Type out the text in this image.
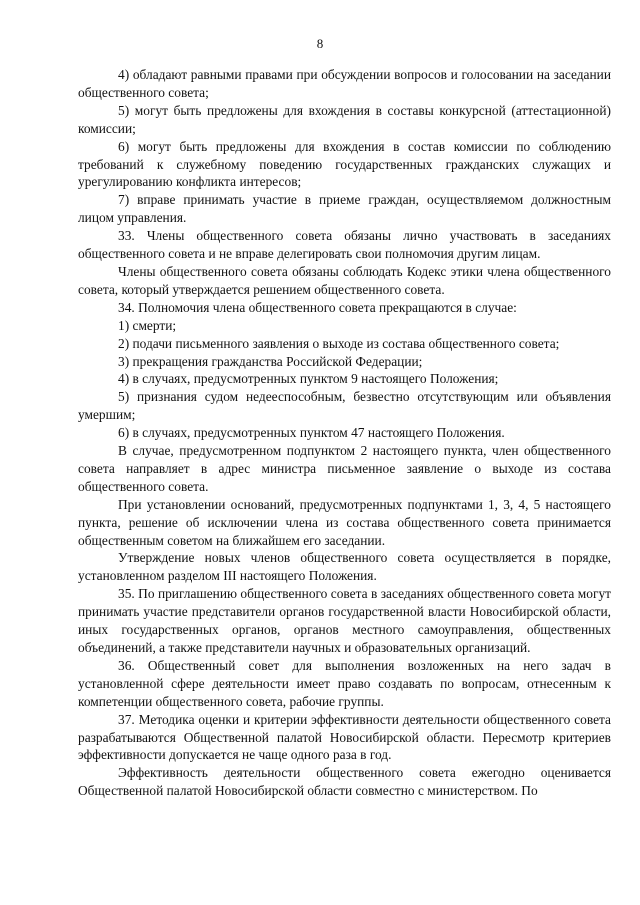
8

4) обладают равными правами при обсуждении вопросов и голосовании на заседании общественного совета;

5) могут быть предложены для вхождения в составы конкурсной (аттестационной) комиссии;

6) могут быть предложены для вхождения в состав комиссии по соблюдению требований к служебному поведению государственных гражданских служащих и урегулированию конфликта интересов;

7) вправе принимать участие в приеме граждан, осуществляемом должностным лицом управления.

33. Члены общественного совета обязаны лично участвовать в заседаниях общественного совета и не вправе делегировать свои полномочия другим лицам.

Члены общественного совета обязаны соблюдать Кодекс этики члена общественного совета, который утверждается решением общественного совета.

34. Полномочия члена общественного совета прекращаются в случае:

1) смерти;

2) подачи письменного заявления о выходе из состава общественного совета;

3) прекращения гражданства Российской Федерации;

4) в случаях, предусмотренных пунктом 9 настоящего Положения;

5) признания судом недееспособным, безвестно отсутствующим или объявления умершим;

6) в случаях, предусмотренных пунктом 47 настоящего Положения.

В случае, предусмотренном подпунктом 2 настоящего пункта, член общественного совета направляет в адрес министра письменное заявление о выходе из состава общественного совета.

При установлении оснований, предусмотренных подпунктами 1, 3, 4, 5 настоящего пункта, решение об исключении члена из состава общественного совета принимается общественным советом на ближайшем его заседании.

Утверждение новых членов общественного совета осуществляется в порядке, установленном разделом III настоящего Положения.

35. По приглашению общественного совета в заседаниях общественного совета могут принимать участие представители органов государственной власти Новосибирской области, иных государственных органов, органов местного самоуправления, общественных объединений, а также представители научных и образовательных организаций.

36. Общественный совет для выполнения возложенных на него задач в установленной сфере деятельности имеет право создавать по вопросам, отнесенным к компетенции общественного совета, рабочие группы.

37. Методика оценки и критерии эффективности деятельности общественного совета разрабатываются Общественной палатой Новосибирской области. Пересмотр критериев эффективности допускается не чаще одного раза в год.

Эффективность деятельности общественного совета ежегодно оценивается Общественной палатой Новосибирской области совместно с министерством. По
